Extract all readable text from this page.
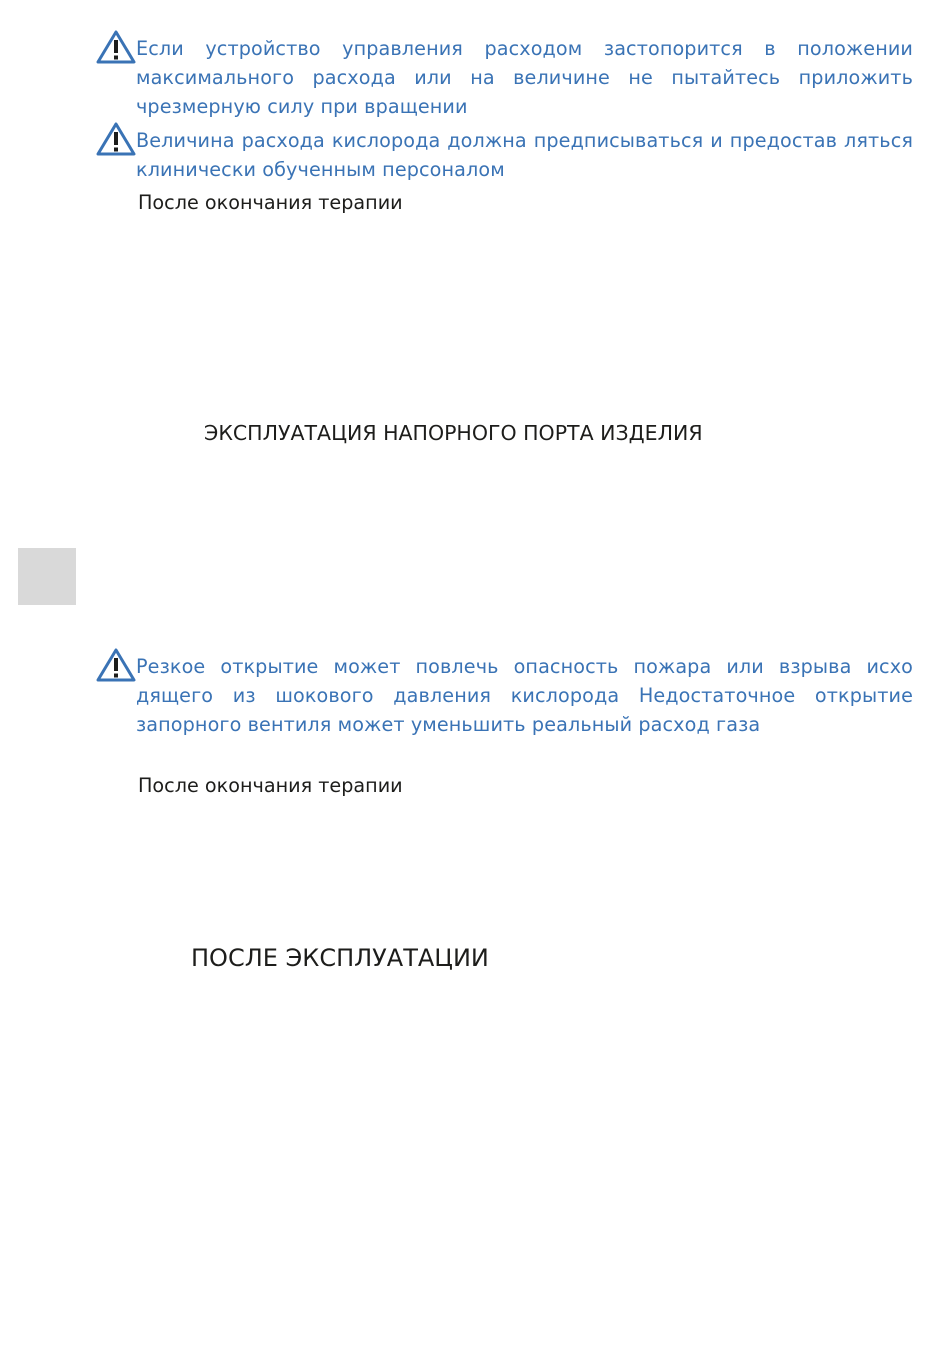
Если устройство управления расходом застопорится в положении максимального расхода или на величине не пытайтесь приложить чрезмерную силу при вращении
Величина расхода кислорода должна предписываться и предостав ляться клинически обученным персоналом
После окончания терапии
ЭКСПЛУАТАЦИЯ НАПОРНОГО ПОРТА ИЗДЕЛИЯ
Резкое открытие может повлечь опасность пожара или взрыва исхо дящего из шокового давления кислорода Недостаточное открытие запорного вентиля может уменьшить реальный расход газа
После окончания терапии
ПОСЛЕ ЭКСПЛУАТАЦИИ
